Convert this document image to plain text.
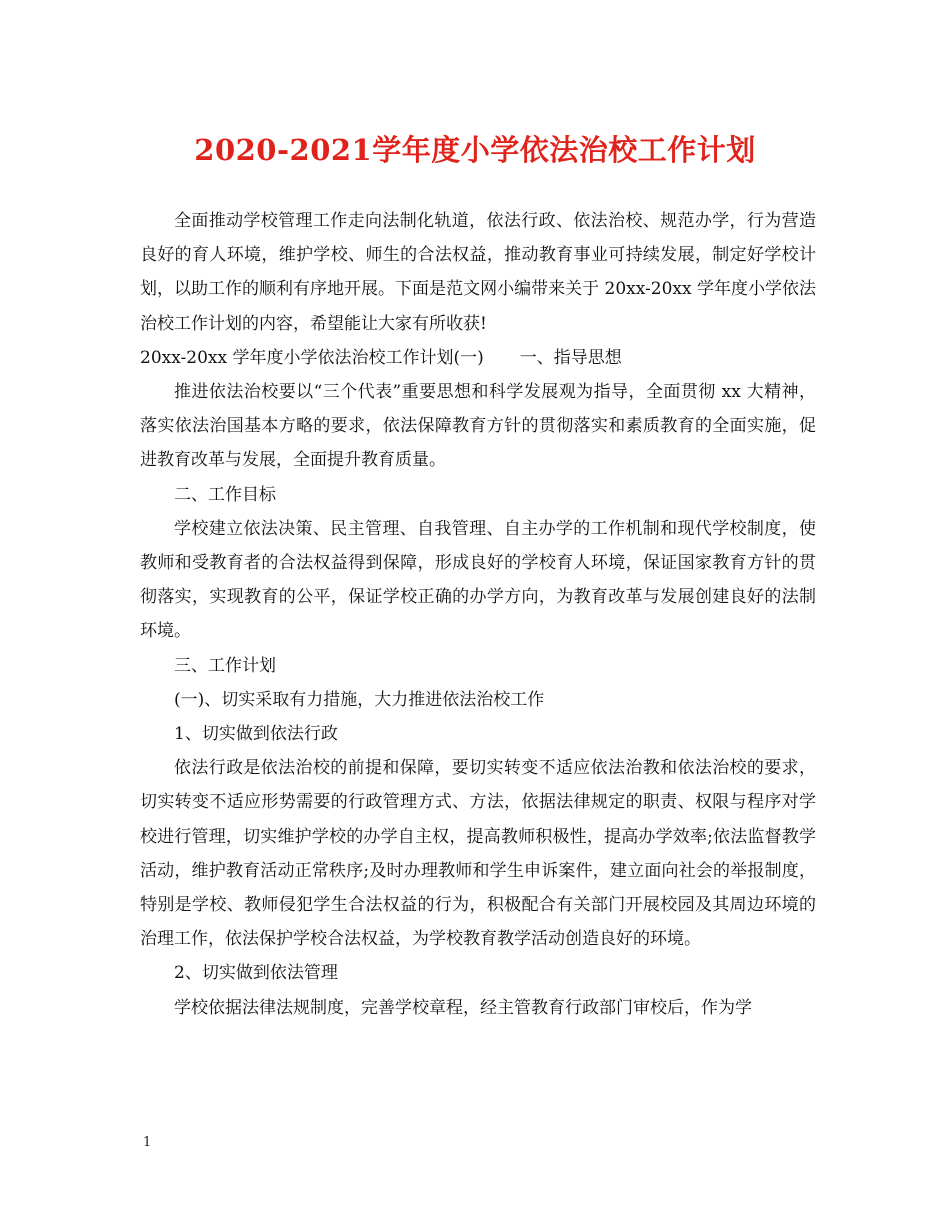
2020-2021学年度小学依法治校工作计划

全面推动学校管理工作走向法制化轨道，依法行政、依法治校、规范办学，行为营造良好的育人环境，维护学校、师生的合法权益，推动教育事业可持续发展，制定好学校计划，以助工作的顺利有序地开展。下面是范文网小编带来关于 20xx-20xx 学年度小学依法治校工作计划的内容，希望能让大家有所收获!

20xx-20xx 学年度小学依法治校工作计划(一) 一、指导思想

推进依法治校要以“三个代表”重要思想和科学发展观为指导，全面贯彻 xx 大精神，落实依法治国基本方略的要求，依法保障教育方针的贯彻落实和素质教育的全面实施，促进教育改革与发展，全面提升教育质量。

二、工作目标

学校建立依法决策、民主管理、自我管理、自主办学的工作机制和现代学校制度，使教师和受教育者的合法权益得到保障，形成良好的学校育人环境，保证国家教育方针的贯彻落实，实现教育的公平，保证学校正确的办学方向，为教育改革与发展创建良好的法制环境。

三、工作计划

(一)、切实采取有力措施，大力推进依法治校工作

1、切实做到依法行政

依法行政是依法治校的前提和保障，要切实转变不适应依法治教和依法治校的要求，切实转变不适应形势需要的行政管理方式、方法，依据法律规定的职责、权限与程序对学校进行管理，切实维护学校的办学自主权，提高教师积极性，提高办学效率;依法监督教学活动，维护教育活动正常秩序;及时办理教师和学生申诉案件，建立面向社会的举报制度，特别是学校、教师侵犯学生合法权益的行为，积极配合有关部门开展校园及其周边环境的治理工作，依法保护学校合法权益，为学校教育教学活动创造良好的环境。

2、切实做到依法管理

学校依据法律法规制度，完善学校章程，经主管教育行政部门审校后，作为学

1
